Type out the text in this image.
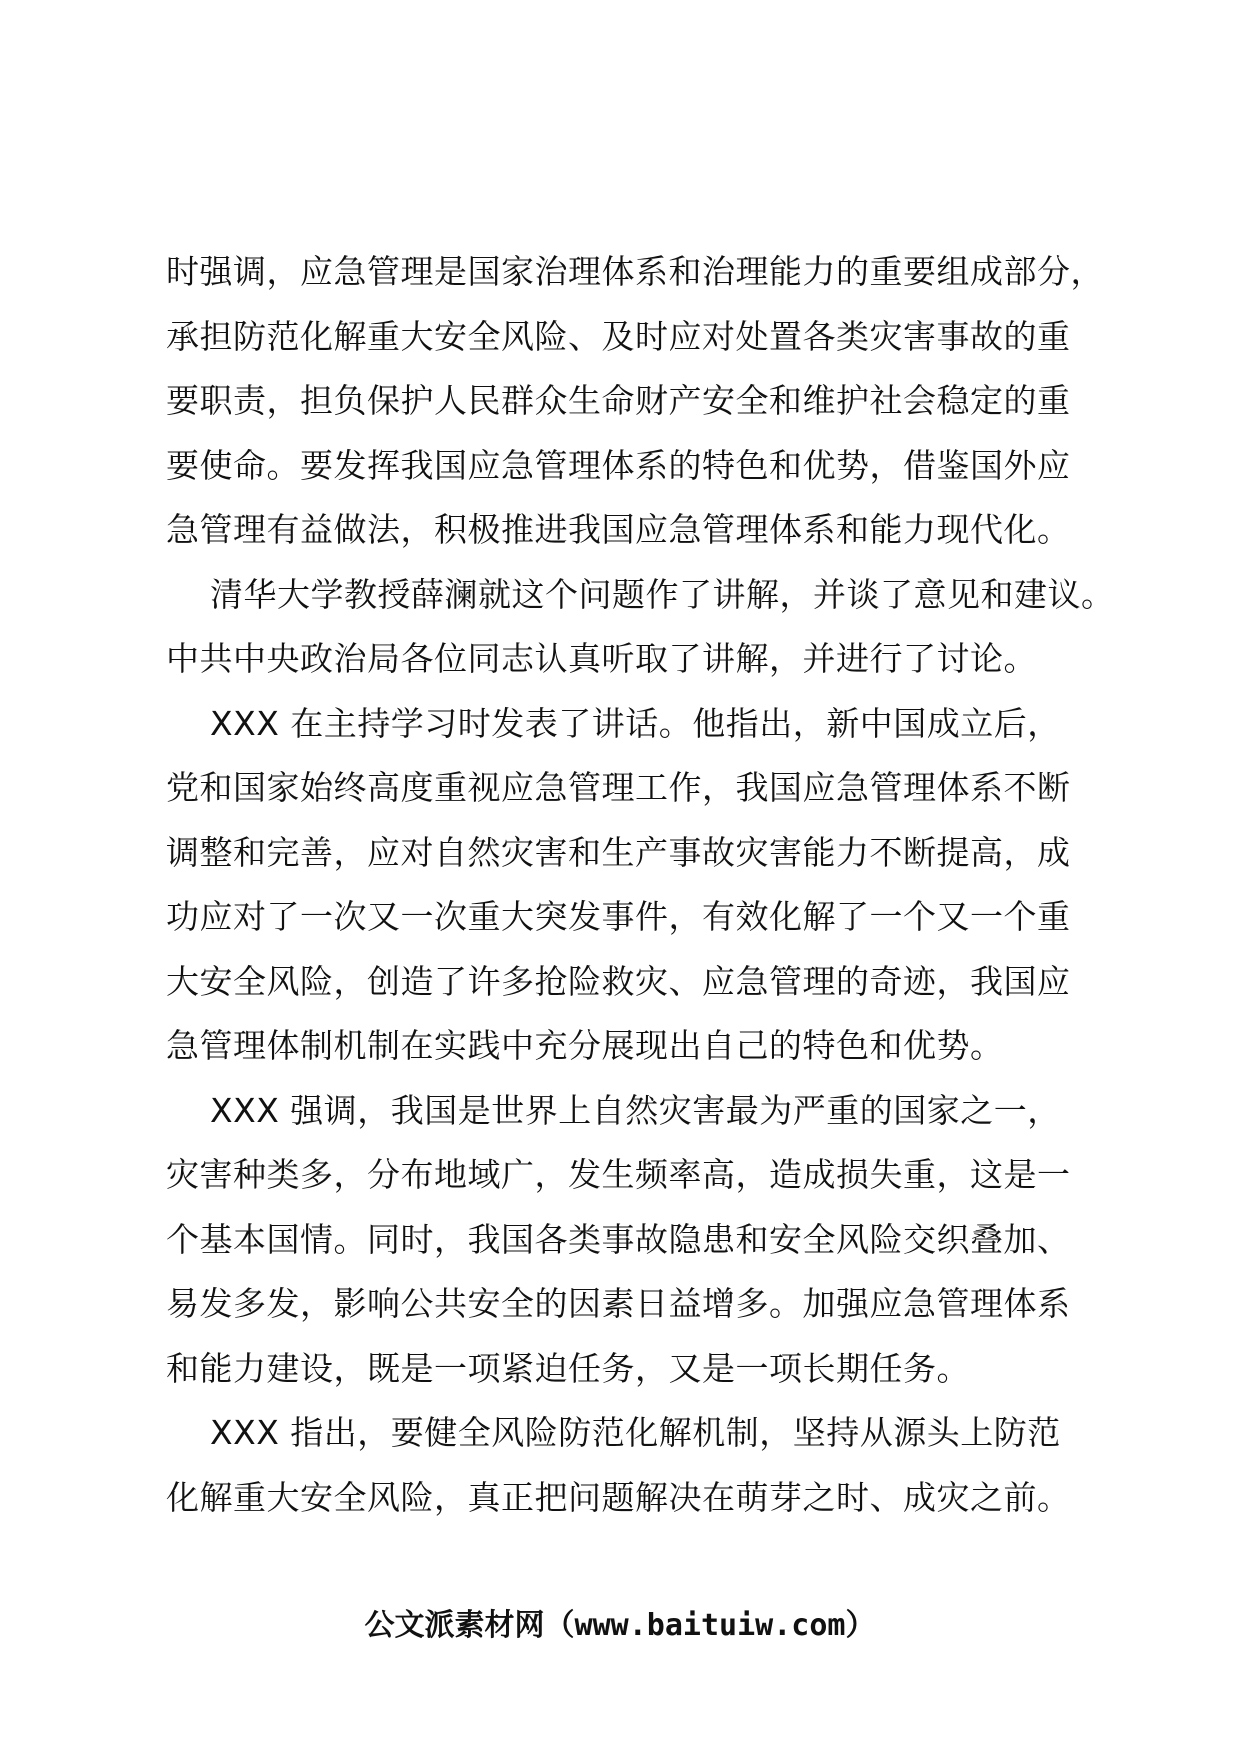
时强调，应急管理是国家治理体系和治理能力的重要组成部分，
承担防范化解重大安全风险、及时应对处置各类灾害事故的重
要职责，担负保护人民群众生命财产安全和维护社会稳定的重
要使命。要发挥我国应急管理体系的特色和优势，借鉴国外应
急管理有益做法，积极推进我国应急管理体系和能力现代化。
清华大学教授薛澜就这个问题作了讲解，并谈了意见和建议。
中共中央政治局各位同志认真听取了讲解，并进行了讨论。
XXX 在主持学习时发表了讲话。他指出，新中国成立后，
党和国家始终高度重视应急管理工作，我国应急管理体系不断
调整和完善，应对自然灾害和生产事故灾害能力不断提高，成
功应对了一次又一次重大突发事件，有效化解了一个又一个重
大安全风险，创造了许多抢险救灾、应急管理的奇迹，我国应
急管理体制机制在实践中充分展现出自己的特色和优势。
XXX 强调，我国是世界上自然灾害最为严重的国家之一，
灾害种类多，分布地域广，发生频率高，造成损失重，这是一
个基本国情。同时，我国各类事故隐患和安全风险交织叠加、
易发多发，影响公共安全的因素日益增多。加强应急管理体系
和能力建设，既是一项紧迫任务，又是一项长期任务。
XXX 指出，要健全风险防范化解机制，坚持从源头上防范
化解重大安全风险，真正把问题解决在萌芽之时、成灾之前。
公文派素材网（www.baituiw.com）
